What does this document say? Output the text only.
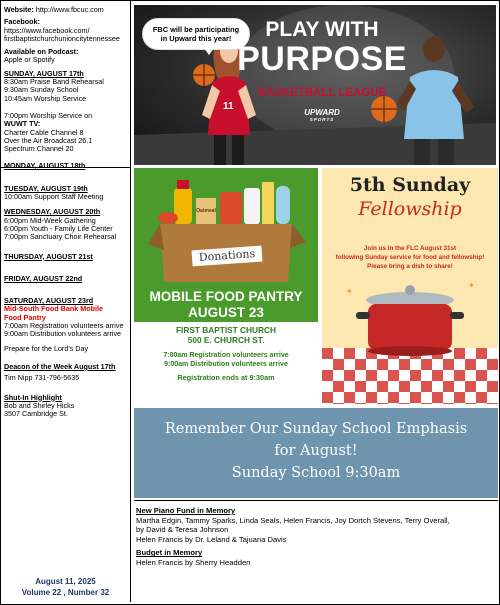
Website: http://www.fbcuc.com
Facebook:
https://www.facebook.com/
firstbaptistchurchunioncitytennessee
Available on Podcast:
Apple or Spotify
SUNDAY, AUGUST 17th
8:30am Praise Band Rehearsal
9:30am Sunday School
10:45am Worship Service
7:00pm Worship Service on
WUWT TV:
Charter Cable Channel 8
Over the Air Broadcast 26.1
Spectrum Channel 20
MONDAY, AUGUST 18th
TUESDAY, AUGUST 19th
10:00am Support Staff Meeting
WEDNESDAY, AUGUST 20th
6:00pm Mid-Week Gathering
6:00pm Youth - Family Life Center
7:00pm Sanctuary Choir Rehearsal
THURSDAY, AUGUST 21st
FRIDAY, AUGUST 22nd
SATURDAY, AUGUST 23rd
Mid-South Food Bank Mobile
Food Pantry
7:00am Registration volunteers arrive
9:00am Distribution volunteers arrive
Prepare for the Lord's Day
Deacon of the Week August 17th
Tim Nipp 731-796-5635
Shut-In Highlight
Bob and Shirley Hicks
3507 Cambridge St.
August 11, 2025
Volume 22 , Number 32
FBC will be participating
in Upward this year!	PLAY WITH
PURPOSE
BASKETBALL LEAGUE
UPWARD
SPORTS
11
Oatmeal
Donations
MOBILE FOOD PANTRY
AUGUST 23
FIRST BAPTIST CHURCH
500 E. CHURCH ST.
7:00am Registration volunteers arrive
9:00am Distribution volunteers arrive
Registration ends at 9:30am
5th Sunday
Fellowship
Join us in the FLC August 31st
following Sunday service for food and fellowship!
Please bring a dish to share!
✦
✦
Remember Our Sunday School Emphasis
for August!
Sunday School 9:30am
New Piano Fund in Memory
Martha Edgin, Tammy Sparks, Linda Seals, Helen Francis, Joy Dortch Stevens, Terry Overall,
by David & Teresa Johnson
Helen Francis by Dr. Leland & Tajuana Davis
Budget in Memory
Helen Francis by Sherry Headden
